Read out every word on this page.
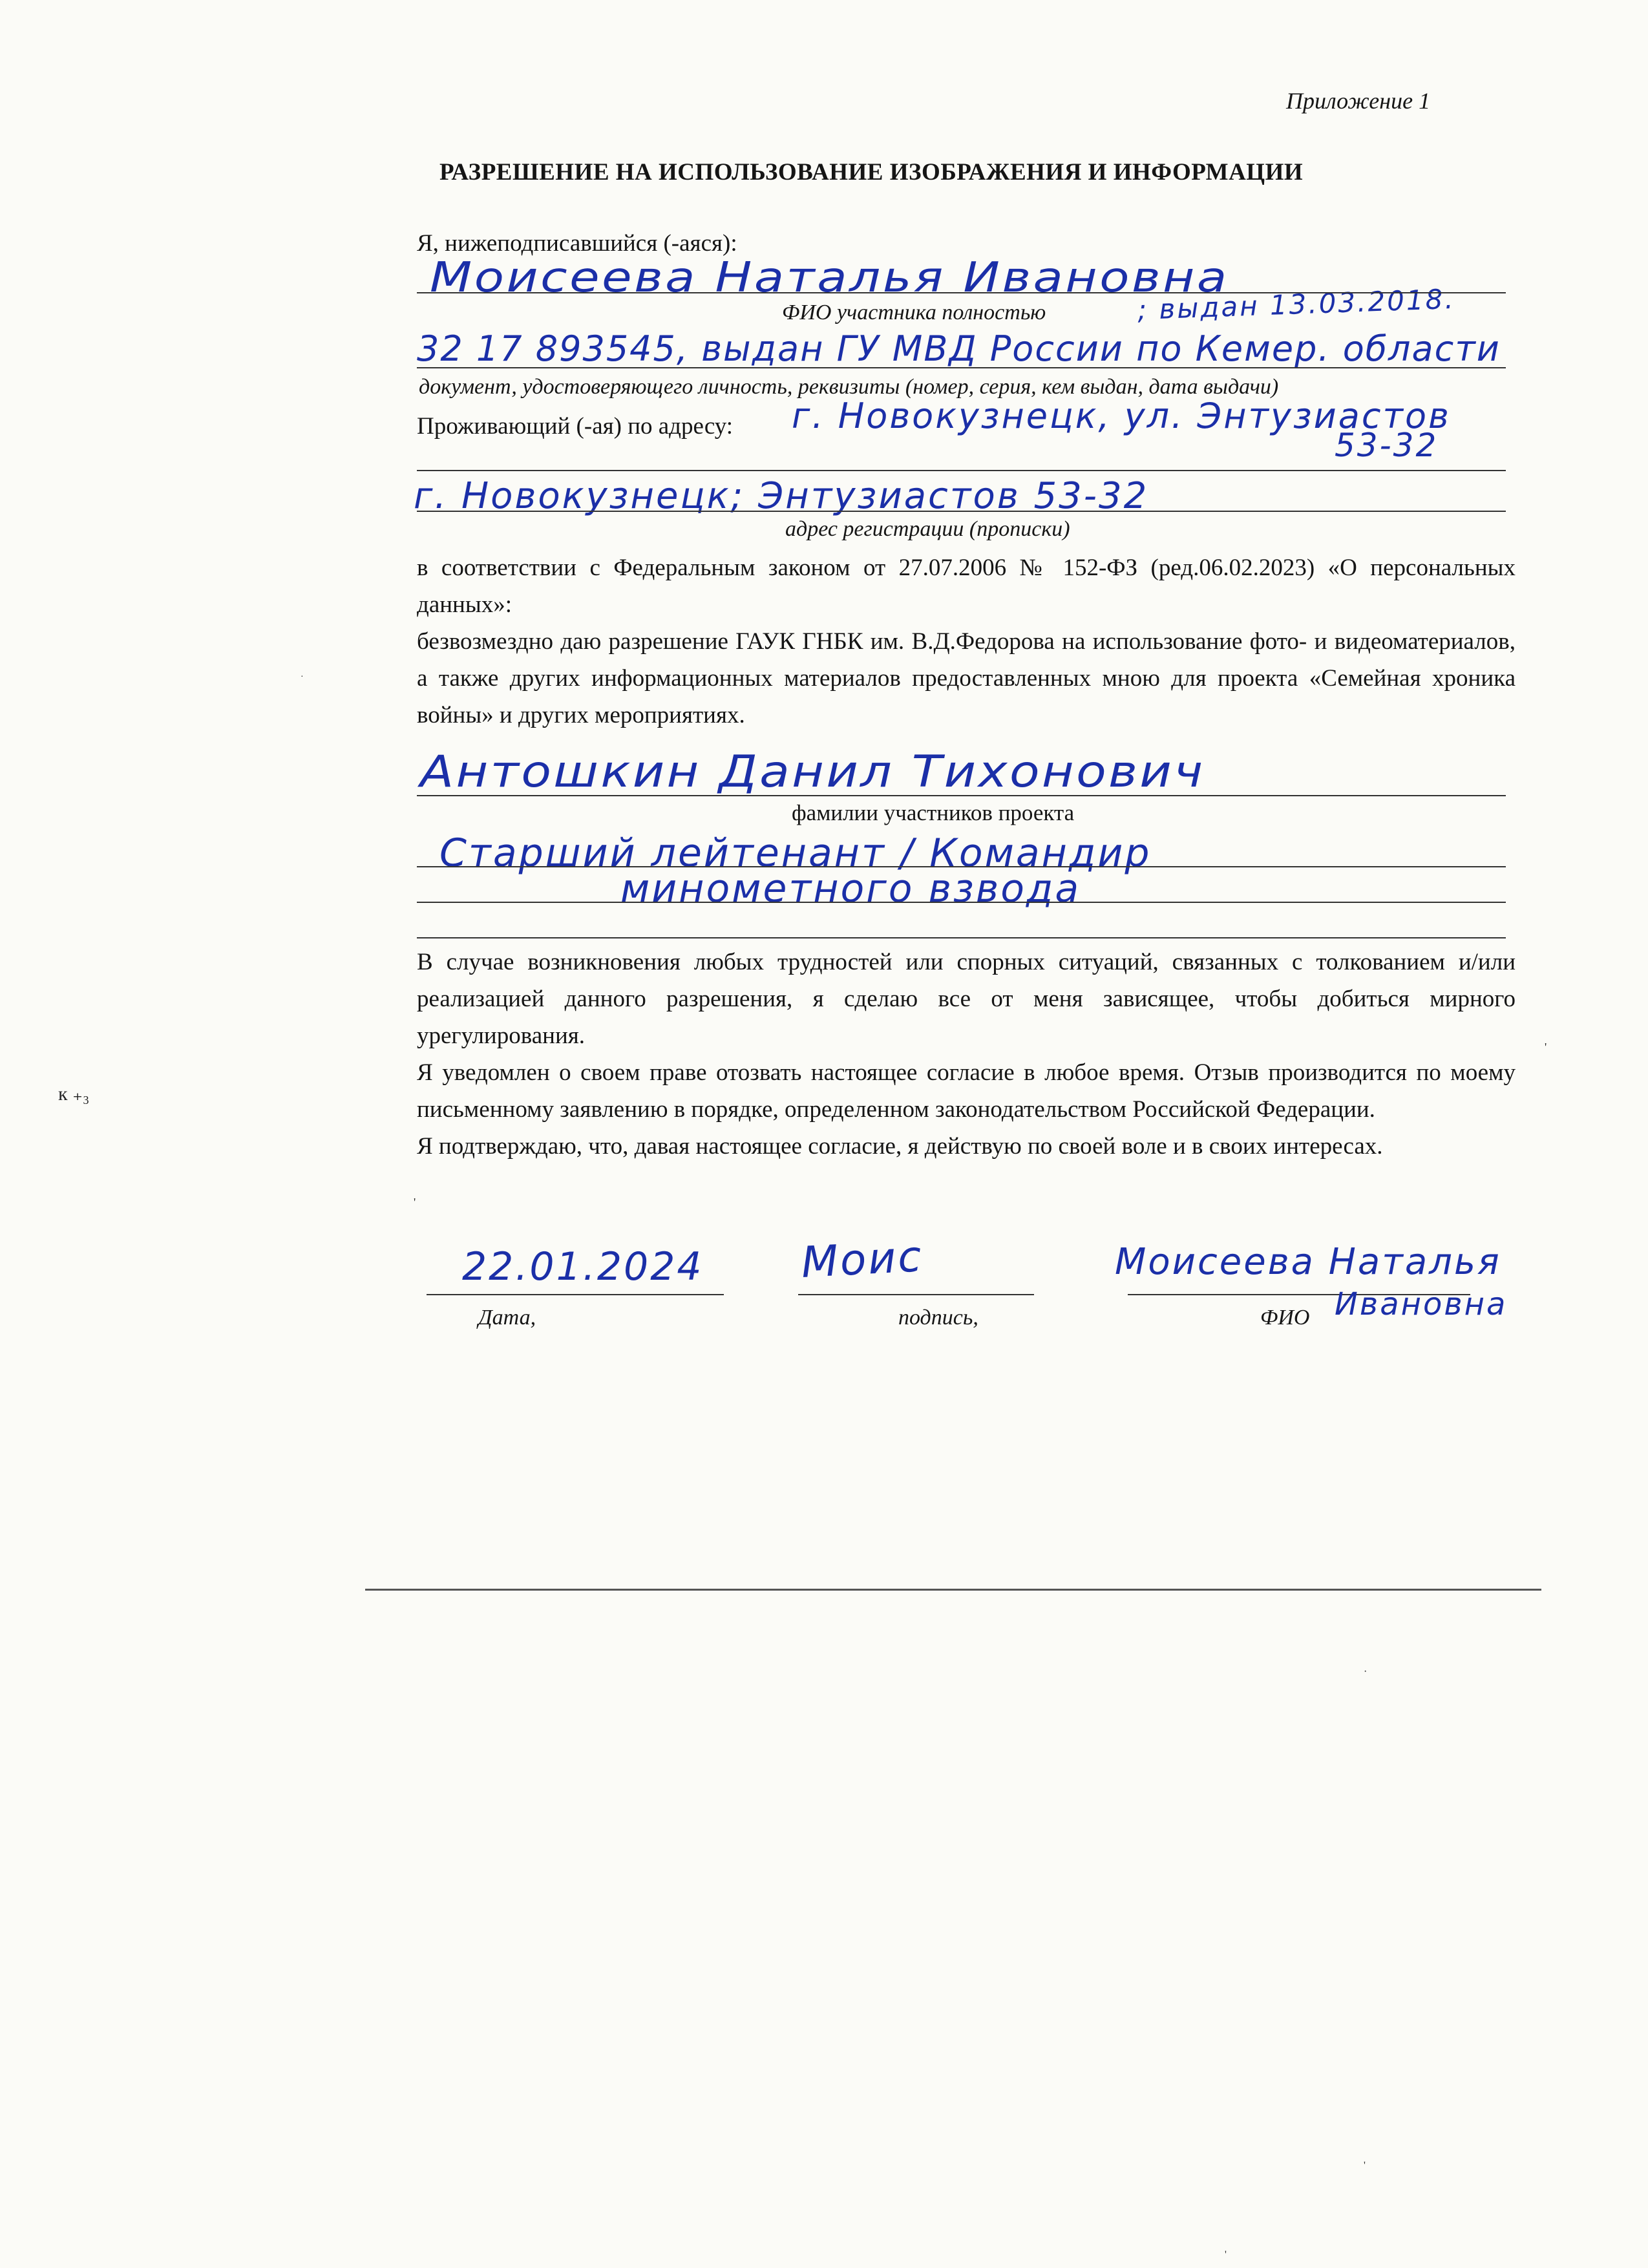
Приложение 1
РАЗРЕШЕНИЕ НА ИСПОЛЬЗОВАНИЕ ИЗОБРАЖЕНИЯ И ИНФОРМАЦИИ
Я, нижеподписавшийся (-аяся):
Моисеева Наталья Ивановна
; выдан 13.03.2018.
ФИО участника полностью
32 17 893545, выдан ГУ МВД России по Кемер. области
документ, удостоверяющего личность, реквизиты (номер, серия, кем выдан, дата выдачи)
Проживающий (-ая) по адресу: г. Новокузнецк, ул. Энтузиастов
53-32
г. Новокузнецк; Энтузиастов 53-32
адрес регистрации (прописки)

в соответствии с Федеральным законом от 27.07.2006 № 152-ФЗ (ред.06.02.2023) «О персональных данных»:

безвозмездно даю разрешение ГАУК ГНБК им. В.Д.Федорова на использование фото- и видеоматериалов, а также других информационных материалов предоставленных мною для проекта «Семейная хроника войны» и других мероприятиях.

Антошкин Данил Тихонович
фамилии участников проекта
Старший лейтенант / Командир
минометного взвода

В случае возникновения любых трудностей или спорных ситуаций, связанных с толкованием и/или реализацией данного разрешения, я сделаю все от меня зависящее, чтобы добиться мирного урегулирования.

Я уведомлен о своем праве отозвать настоящее согласие в любое время. Отзыв производится по моему письменному заявлению в порядке, определенном законодательством Российской Федерации.

Я подтверждаю, что, давая настоящее согласие, я действую по своей воле и в своих интересах.

22.01.2024
Дата,
Моис
подпись,
Моисеева Наталья
ФИО Ивановна
к ₊₃
'
'
·
·
'
'
